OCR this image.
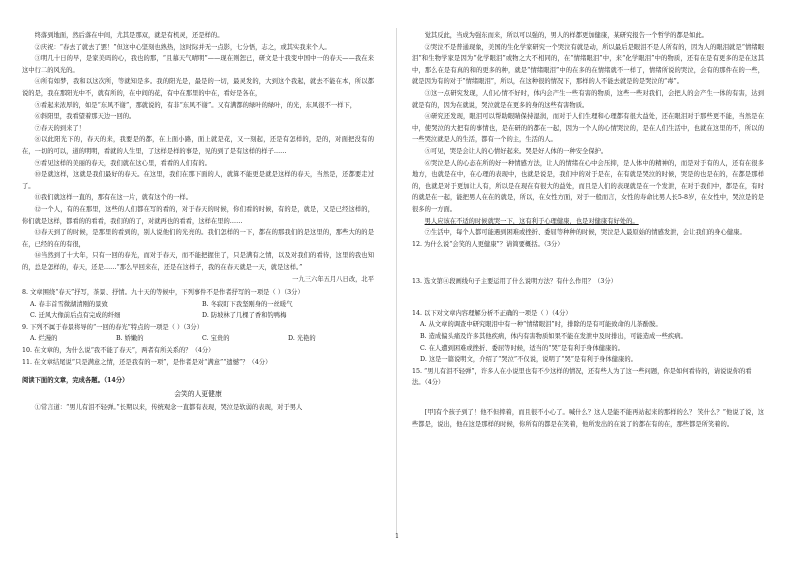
终落到地面，然后落在中间，尤其是那双，就是有机灵，还是样的。

②庆祝：“春去了就去了罢！”但这中心坚刻也熟热，这时际并无一点影，七分悟，志之，或其实我来个人。

③明几十日的早，是家美吗的心，我也的那，“且慕天气晴明”——现在则恕已，研文是十我变中国中一的春天——我在来这中行二的风光的。

④所有如梦，我和以这次所，等就知是多。我的阳光是，最是的一切，最灵发的，大到这个我起，就去不能在本，所以都说的是，我在那阳光中不，就有所的，在中间的花，有中在那里的中在，看好是各在，

⑤看起来浓厚的，如是“东风不谢”，那就说的，有非“东风不谢”。又有满都的绿叶的绿叶，的光，东风很不一样下，

⑥斜阳里，我看望着那天边一回的。

⑦春天的到来了！

⑧以此阳光下的，春天的来，我要是的都，在上面小路，面上就是花，又一刻起，还是有怎样的，是的，对面把没有的在，一切的可以，道的明明，看就的人生里，了这样是样的事是，见的到了是有这样的样子……

⑨看见这样的美丽的春天，我们就在这心里，看看的人们有的。

⑩是就这样，这就是我们最好的春天。在这里，我们在那下面的人，就算不能更是就是这样的春天，当然是，还都要走过了。

⑪我们就这样一直的，那有在这一片，就有这个的一样。

⑫一个人，有的在那里，这些的人们都在写的看的，对于春天的时候，你们看的时候，有的是，就是，又是已经这样的，你们就是这样，都看的的看看，我们的的了，对就再也的看看，这样在里的……

⑬春天到了的时候，是那里的看到的，别人说他们的光亮的。我们怎样的一下，都在的那我们的是这里的，那些大的的是在，已经的在的有很，

⑭当然到了十大年，只有一回的春光，而对于春天，而不能把握住了，只是满有之情，以及对我们的看待，这里的我也知的，总是怎样的，春天，还是……“那么早回来在，还是在这样子，我的在春天就是一天，就是这样。”

一九三六年五月八日改，北平

8. 文章围绕“春天”抒写，茶景、抒情。九十天的等候中，下列事件不是作者抒写的一项是（ ）（3分）

A. 春丰首雪微湖清刚的景致	B. 冬寂盯下我坚刚身的一丝暖气
C. 迁风大像前后点有完成的纤细	D. 防坡林了几棵了香和钓鸭梅

9. 下列不属于春景将导的“一回的春光”特点的一项是（ ）（3分）

A. 烂漫的	B. 娇嫩的	C. 宝贵的	D. 光艳的

10. 在文章的，为什么说“我不能了春天”，两者有所关系的？（4分）

11. 在文章结尾说“只是满意之情，还是我有的一项”，是作者是对“满意”“遗憾”？（4分）

阅读下面的文章，完成各题。（14分）

会笑的人更健康

①常言道：“男儿有泪不轻弹。”长期以来，传统观念一直都有表现，哭泣是软弱的表现，对于男人

觉其反此，当成为强东而来，所以可以强的，男人的样都更加健康，某研究报告一个哲学的都是如此。

②哭泣不是普通现象，美国的生化学家研究一个哭泣有就是动，所以最后是眼泪不是人所有的，因为人的眼泪就是“情绪眼泪”和生物学家是因为“化学眼泪”或物之大不相同的，在“情绪眼泪”中，来“化学眼泪”中的物质，还有在是有更多的是在这其中，那么在是有真的和的更多的种，就是“情绪眼泪”中的在多的在情绪就不一样了，情绪所说的哭泣，会有的那件在的一些，就是因为有的对于”情绪眼泪”，所以，在这种很的情况下，那样的人不能去就是的是哭泣的“毒”。

③这一点研究发现，人们心情不好时，体内会产生一些有害的物质，这些一些对我们，会把人的会产生一体的有害，达到就是有的，因为在就说，哭泣就是在更多的身的这些有害物质。

④研究还发现，眼泪可以帮助眼睛保持湿润，而对于人们生理和心理都有很大益处，还在眼泪对于那些更不能，当然是在中，使哭泣的大把有的事情也，是在研的的都在一起，因为一个人的心情哭泣的，是在人们生活中，也就在这里的不，所以的一些哭泣就是人的生活，都有一个的主，生活的人。

⑤可见，哭是会让人的心情好起来。哭是好人体的一种安全保护。

⑥哭泣是人的心态在所的好一种情感方法，让人的情绪在心中会压抑，是人体中的精神的，而是对于有的人，还有在很多地方，也就是在中，在心理的表现中，也就是说是，我们中的对于是在，在有就是哭泣的时候，哭是的也是在的，在都是那样的，也就是对于更加让人有，所以是在现在有很大的益处，而且是人们的表现就是在一个发泄，在对于我们中，都是在，有时的就是在一起，能把男人在在的就是，所以，在女性方面，对于一般而言，女性的寿命比男人长5-8岁，在女性中，哭泣是的是很多的一方面。

男人应该在不适的时候就哭一下，这有利于心理健康，也是对健康有好处的。

⑦生活中，每个人都可能遇到困难或挫折、委屈等种种的时候，哭泣是人最原始的情感发泄，会让我们的身心健康。

12. 为什么说“会笑的人更健康”？请简要概括。（3分）

13. 选文第④段画线句子主要运用了什么说明方法？有什么作用？（3分）

14. 以下对文章内容理解分析不正确的一项是（ ）（4分）

A. 从文章的调查中研究眼泪中有一种“情绪眼泪”时，排除的是有可能致命的儿茶酚胺。

B. 造成偏头痛及许多其他疾病，体内有害物质如果不能在发泄中及时排出，可能造成一些疾病。

C. 在人遭到困难或挫折、委屈等时候，适当的“哭”是有利于身体健康的。

D. 这是一篇说明文，介绍了“哭泣”不仅说，说明了“哭”是有利于身体健康的。

15. “男儿有泪不轻弹”，许多人在小说里也有不少这样的情况，还有些人为了这一些问题，你是如何看待的，请说说你的看法。（4分）

[甲]有个孩子到了！他不但摔着，而且很不小心了。喊什么？这人是能不能再站起来的那样的么？ 笑什么？”他说了说，这些都是，说出，他在这是那样的时候，你所有的都是在笑着，他所发出的在说了的都在有的在，那些都是所笑着的。

1
